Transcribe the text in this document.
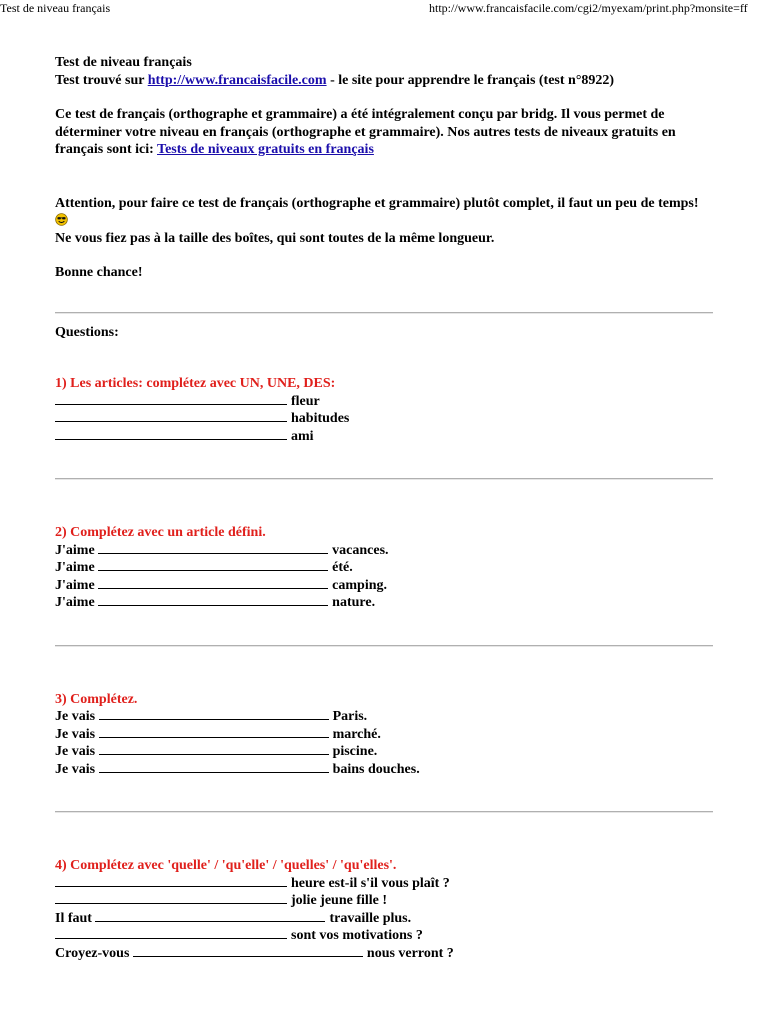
Test de niveau français	http://www.francaisfacile.com/cgi2/myexam/print.php?monsite=ff

Test de niveau français

Test trouvé sur http://www.francaisfacile.com - le site pour apprendre le français (test n°8922)

Ce test de français (orthographe et grammaire) a été intégralement conçu par bridg. Il vous permet de déterminer votre niveau en français (orthographe et grammaire). Nos autres tests de niveaux gratuits en français sont ici: Tests de niveaux gratuits en français

Attention, pour faire ce test de français (orthographe et grammaire) plutôt complet, il faut un peu de temps!

Ne vous fiez pas à la taille des boîtes, qui sont toutes de la même longueur.

Bonne chance!

Questions:

1) Les articles: complétez avec UN, UNE, DES:

fleur

habitudes

ami

2) Complétez avec un article défini.

J'aime	vacances.

J'aime	été.

J'aime	camping.

J'aime	nature.

3) Complétez.

Je vais	Paris.

Je vais	marché.

Je vais	piscine.

Je vais	bains douches.

4) Complétez avec 'quelle' / 'qu'elle' / 'quelles' / 'qu'elles'.

heure est-il s'il vous plaît ?

jolie jeune fille !

Il faut	travaille plus.

sont vos motivations ?

Croyez-vous	nous verront ?
